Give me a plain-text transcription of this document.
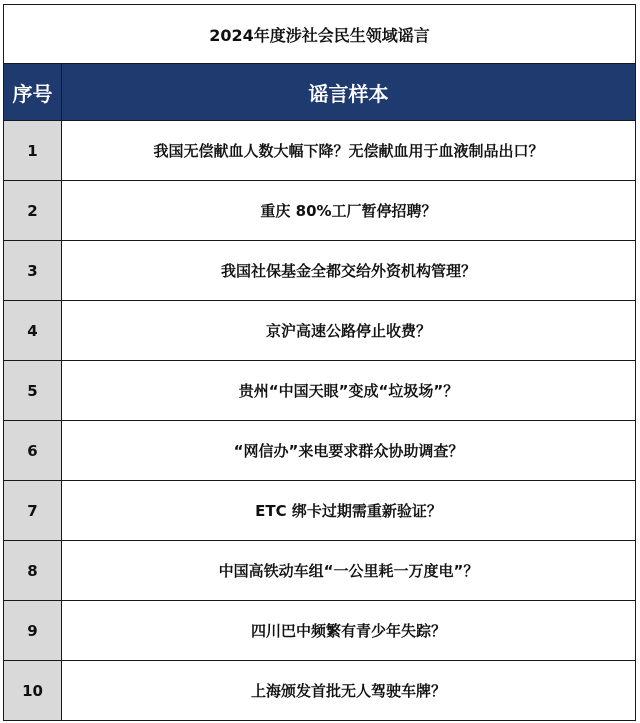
2024年度涉社会民生领域谣言	
序号	谣言样本
1	我国无偿献血人数大幅下降？无偿献血用于血液制品出口？
2	重庆 80%工厂暂停招聘？
3	我国社保基金全都交给外资机构管理？
4	京沪高速公路停止收费？
5	贵州“中国天眼”变成“垃圾场”？
6	“网信办”来电要求群众协助调查？
7	ETC 绑卡过期需重新验证？
8	中国高铁动车组“一公里耗一万度电”？
9	四川巴中频繁有青少年失踪？
10	上海颁发首批无人驾驶车牌？
